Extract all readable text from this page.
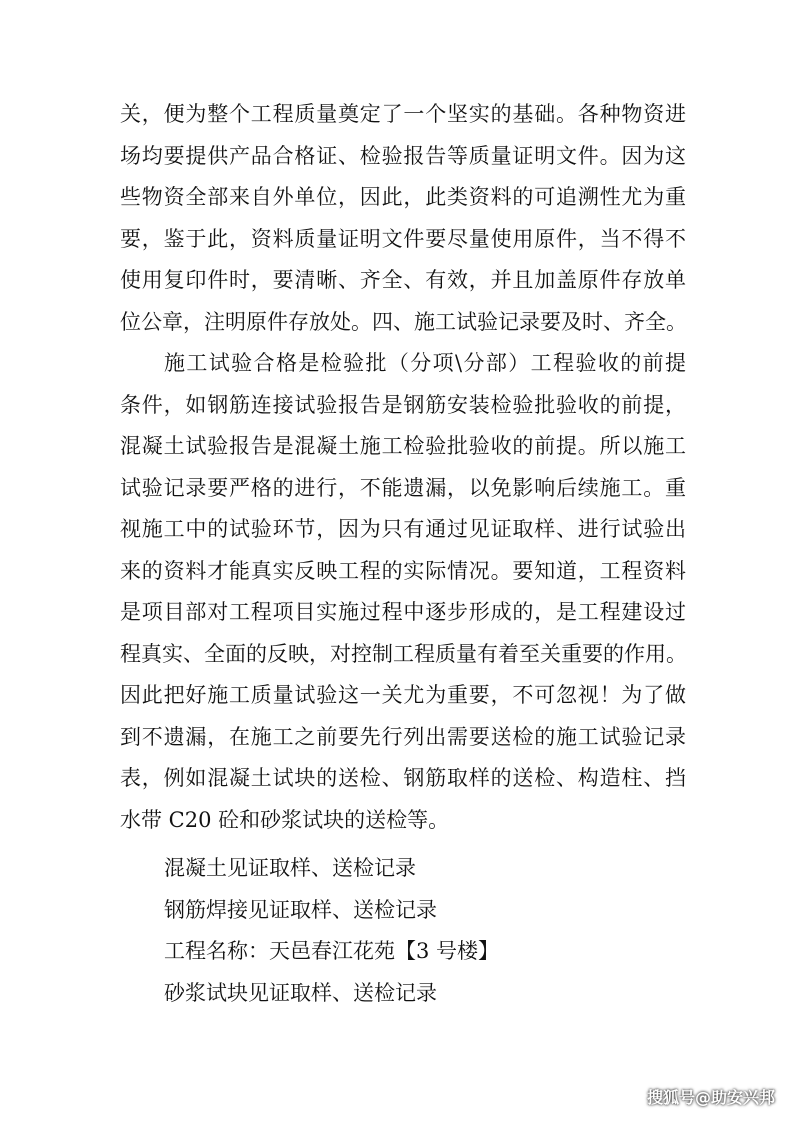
关，便为整个工程质量奠定了一个坚实的基础。各种物资进
场均要提供产品合格证、检验报告等质量证明文件。因为这
些物资全部来自外单位，因此，此类资料的可追溯性尤为重
要，鉴于此，资料质量证明文件要尽量使用原件，当不得不
使用复印件时，要清晰、齐全、有效，并且加盖原件存放单
位公章，注明原件存放处。四、施工试验记录要及时、齐全。
施工试验合格是检验批（分项\分部）工程验收的前提
条件，如钢筋连接试验报告是钢筋安装检验批验收的前提，
混凝土试验报告是混凝土施工检验批验收的前提。所以施工
试验记录要严格的进行，不能遗漏，以免影响后续施工。重
视施工中的试验环节，因为只有通过见证取样、进行试验出
来的资料才能真实反映工程的实际情况。要知道，工程资料
是项目部对工程项目实施过程中逐步形成的，是工程建设过
程真实、全面的反映，对控制工程质量有着至关重要的作用。
因此把好施工质量试验这一关尤为重要，不可忽视！为了做
到不遗漏，在施工之前要先行列出需要送检的施工试验记录
表，例如混凝土试块的送检、钢筋取样的送检、构造柱、挡
水带 C20 砼和砂浆试块的送检等。
混凝土见证取样、送检记录
钢筋焊接见证取样、送检记录
工程名称：天邑春江花苑【3 号楼】
砂浆试块见证取样、送检记录
搜狐号@助安兴邦
